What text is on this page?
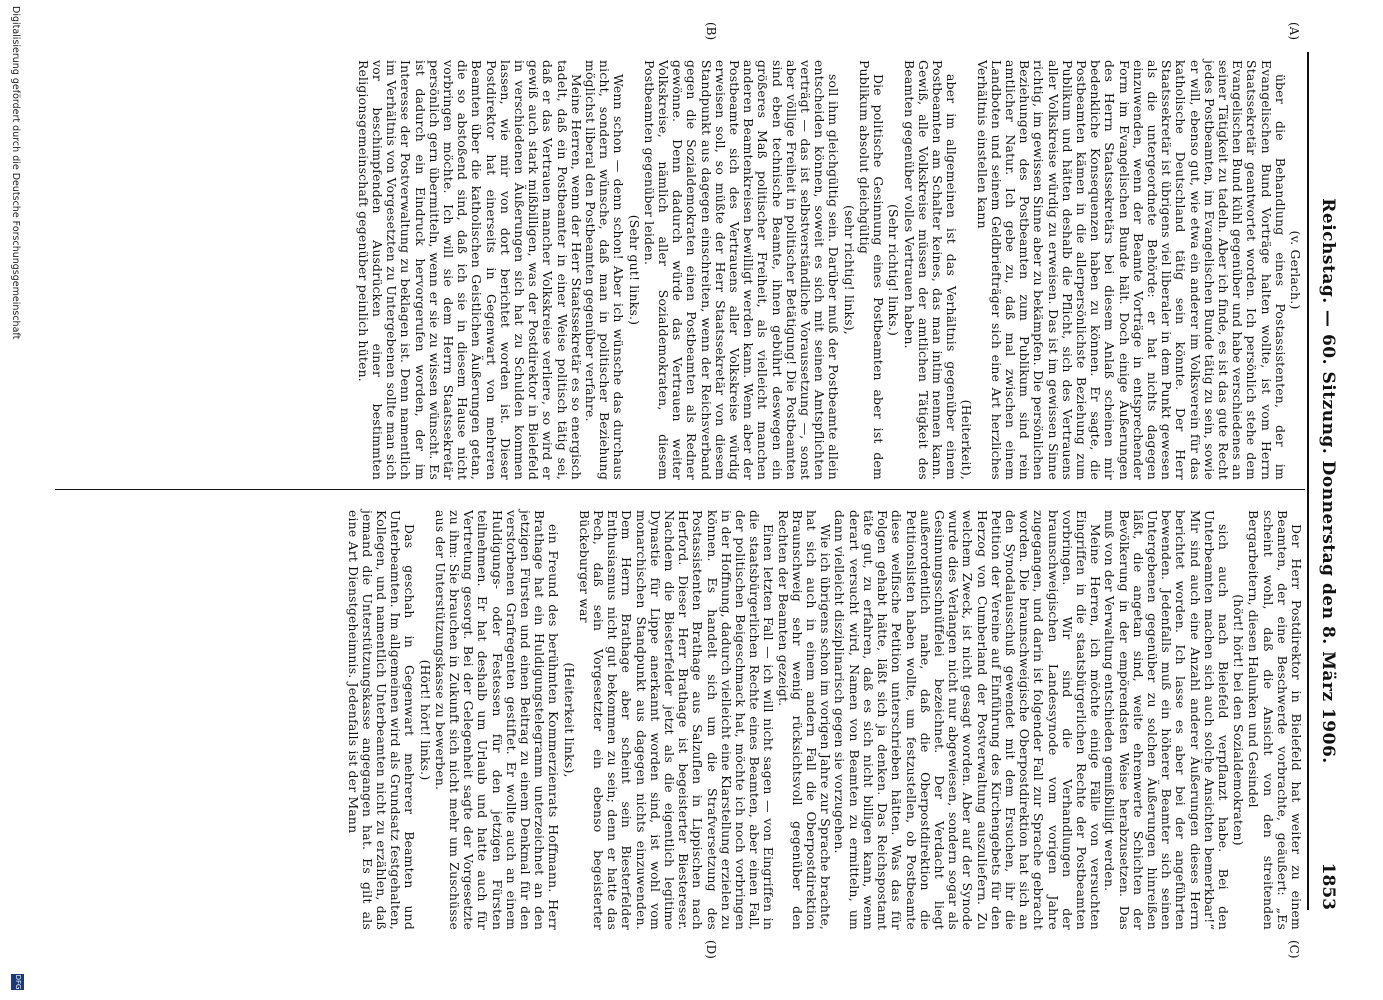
Reichstag. — 60. Sitzung. Donnerstag den 8. März 1906.
1853
(A)
(B)
(C)
(D)

(v. Gerlach.)

über die Behandlung eines Postassistenten, der im Evangelischen Bund Vorträge halten wollte, ist vom Herrn Staatssekretär geantwortet worden. Ich persönlich stehe dem Evangelischen Bund kühl gegenüber und habe verschiedenes an seiner Tätigkeit zu tadeln. Aber ich finde, es ist das gute Recht jedes Postbeamten, im Evangelischen Bunde tätig zu sein, sowie er will, ebenso gut, wie etwa ein anderer im Volksverein für das katholische Deutschland tätig sein könnte. Der Herr Staatssekretär ist übrigens viel liberaler in dem Punkt gewesen als die untergeordnete Behörde: er hat nichts dagegen einzuwenden, wenn der Beamte Vorträge in entsprechender Form im Evangelischen Bunde hält. Doch einige Äußerungen des Herrn Staatssekretärs bei diesem Anlaß scheinen mir bedenkliche Konsequenzen haben zu können. Er sagte, die Postbeamten kämen in die allerpersönlichste Beziehung zum Publikum und hätten deshalb die Pflicht, sich des Vertrauens aller Volkskreise würdig zu erweisen. Das ist im gewissen Sinne richtig, im gewissen Sinne aber zu bekämpfen. Die persönlichen Beziehungen des Postbeamten zum Publikum sind rein amtlicher Natur. Ich gebe zu, daß mal zwischen einem Landboten und seinem Geldbriefträger sich eine Art herzliches Verhältnis einstellen kann

(Heiterkeit),

aber im allgemeinen ist das Verhältnis gegenüber einem Postbeamten am Schalter keines, das man intim nennen kann. Gewiß, alle Volkskreise müssen der amtlichen Tätigkeit des Beamten gegenüber volles Vertrauen haben.

(Sehr richtig! links.)

Die politische Gesinnung eines Postbeamten aber ist dem Publikum absolut gleichgültig

(sehr richtig! links),

soll ihm gleichgültig sein. Darüber muß der Postbeamte allein entscheiden können, soweit es sich mit seinen Amtspflichten verträgt — das ist selbstverständliche Voraussetzung —, sonst aber völlige Freiheit in politischer Betätigung! Die Postbeamten sind eben technische Beamte, ihnen gebührt deswegen ein größeres Maß politischer Freiheit, als vielleicht manchen anderen Beamtenkreisen bewilligt werden kann. Wenn aber der Postbeamte sich des Vertrauens aller Volkskreise würdig erweisen soll, so müßte der Herr Staatssekretär von diesem Standpunkt aus dagegen einschreiten, wenn der Reichsverband gegen die Sozialdemokraten einen Postbeamten als Redner gewönne. Denn dadurch würde das Vertrauen weiter Volkskreise, nämlich aller Sozialdemokraten, diesem Postbeamten gegenüber leiden.

(Sehr gut! links.)

Wenn schon — denn schon! Aber ich wünsche das durchaus nicht, sondern wünsche, daß man in politischer Beziehung möglichst liberal den Postbeamten gegenüber verfahre.

Meine Herren, wenn der Herr Staatssekretär es so energisch tadelt, daß ein Postbeamter in einer Weise politisch tätig sei, daß er das Vertrauen mancher Volkskreise verliere, so wird er gewiß auch stark mißbilligen, was der Postdirektor in Bielefeld in verschiedenen Äußerungen sich hat zu Schulden kommen lassen, wie mir von dort berichtet worden ist. Dieser Postdirektor hat einerseits in Gegenwart von mehreren Beamten über die katholischen Geistlichen Äußerungen getan, die so abstoßend sind, daß ich sie in diesem Hause nicht vorbringen möchte. Ich will sie dem Herrn Staatssekretär persönlich gern übermitteln, wenn er sie zu wissen wünscht. Es ist dadurch ein Eindruck hervorgerufen worden, der im Interesse der Postverwaltung zu beklagen ist. Denn namentlich im Verhältnis von Vorgesetzten zu Untergebenen sollte man sich vor beschimpfenden Ausdrücken einer bestimmten Religionsgemeinschaft gegenüber peinlich hüten.

Der Herr Postdirektor in Bielefeld hat weiter zu einem Beamten, der eine Beschwerde vorbrachte, geäußert: „Es scheint wohl, daß die Ansicht von den streitenden Bergarbeitern, diesen Halunken und Gesindel

(hört! hört! bei den Sozialdemokraten)

sich auch nach Bielefeld verpflanzt habe. Bei den Unterbeamten machen sich auch solche Ansichten bemerkbar!“ Mir sind auch eine Anzahl anderer Äußerungen dieses Herrn berichtet worden. Ich lasse es aber bei der angeführten bewenden. Jedenfalls muß ein höherer Beamter sich seinen Untergebenen gegenüber zu solchen Äußerungen hinreißen läßt, die angetan sind, weite ehrenwerte Schichten der Bevölkerung in der empörendsten Weise herabzusetzen. Das muß von der Verwaltung entschieden gemißbilligt werden.

Meine Herren, ich möchte einige Fälle von versuchten Eingriffen in die staatsbürgerlichen Rechte der Postbeamten vorbringen. Wir sind die Verhandlungen der braunschweigischen Landessynode vom vorigen Jahre zugegangen, und darin ist folgender Fall zur Sprache gebracht worden. Die braunschweigische Oberpostdirektion hat sich an den Synodalausschuß gewendet mit dem Ersuchen, ihr die Petition der Vereine auf Einführung des Kirchengebets für den Herzog von Cumberland der Postverwaltung auszuliefern. Zu welchem Zweck, ist nicht gesagt worden. Aber auf der Synode wurde dies Verlangen nicht nur abgewiesen, sondern sogar als Gesinnungsschnüffelei bezeichnet. Der Verdacht liegt außerordentlich nahe, daß die Oberpostdirektion die Petitionslisten haben wollte, um festzustellen, ob Postbeamte diese welfische Petition unterschrieben hätten. Was das für Folgen gehabt hätte, läßt sich ja denken. Das Reichspostamt täte gut, zu erfahren, daß es sich nicht billigen kann, wenn derart versucht wird, Namen von Beamten zu ermitteln, um dann vielleicht disziplinarisch gegen sie vorzugehen.

Wie ich übrigens schon im vorigen Jahre zur Sprache brachte, hat sich auch in einem andern Fall die Oberpostdirektion Braunschweig sehr wenig rücksichtsvoll gegenüber den Rechten der Beamten gezeigt.

Einen letzten Fall — ich will nicht sagen — von Eingriffen in die staatsbürgerlichen Rechte eines Beamten, aber einen Fall, der politischen Beigeschmack hat, möchte ich noch vorbringen in der Hoffnung, dadurch vielleicht eine Klarstellung erzielen zu können. Es handelt sich um die Strafversetzung des Postassistenten Brathage aus Salzuflen in Lippischen nach Herford. Dieser Herr Brathage ist begeisterter Biestereser. Nachdem die Biesterfelder jetzt als die eigentlich legitime Dynastie für Lippe anerkannt worden sind, ist wohl vom monarchischen Standpunkt aus dagegen nichts einzuwenden. Dem Herrn Brathage aber scheint sein Biesterfelder Enthusiasmus nicht gut bekommen zu sein; denn er hatte das Pech, daß sein Vorgesetzter ein ebenso begeisterter Bückeburger war

(Heiterkeit links),

ein Freund des berühmten Kommerzienrats Hoffmann. Herr Brathage hat ein Huldigungstelegramm unterzeichnet an den jetzigen Fürsten und einen Beitrag zu einem Denkmal für den verstorbenen Grafregenten gestiftet. Er wollte auch an einem Huldigungs- oder Festessen für den jetzigen Fürsten teilnehmen. Er hat deshalb um Urlaub und hatte auch für Vertretung gesorgt. Bei der Gelegenheit sagte der Vorgesetzte zu ihm: Sie brauchen in Zukunft sich nicht mehr um Zuschüsse aus der Unterstützungskasse zu bewerben.

(Hört! hört! links.)

Das geschah in Gegenwart mehrerer Beamten und Unterbeamten. Im allgemeinen wird als Grundsatz festgehalten, Kollegen, und namentlich Unterbeamten nicht zu erzählen, daß jemand die Unterstützungskasse angegangen hat. Es gilt als eine Art Dienstgeheimnis. Jedenfalls ist der Mann

Digitalisierung gefördert durch die Deutsche Forschungsgemeinschaft
DFG
